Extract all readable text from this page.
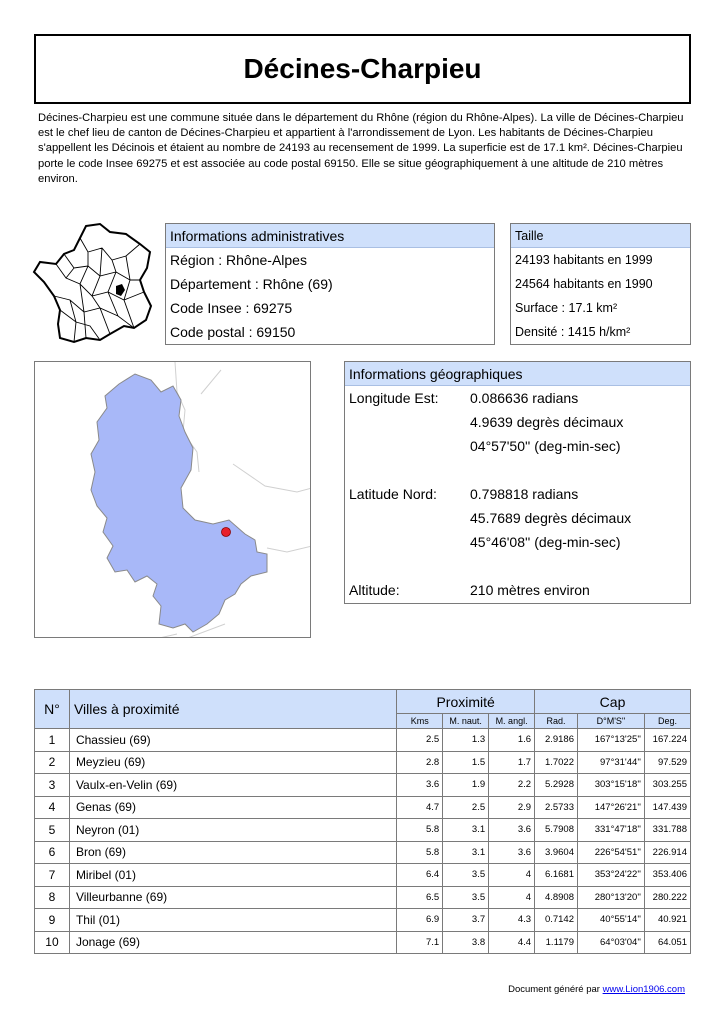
Décines-Charpieu

Décines-Charpieu est une commune située dans le département du Rhône (région du Rhône-Alpes). La ville de Décines-Charpieu est le chef lieu de canton de Décines-Charpieu et appartient à l'arrondissement de Lyon. Les habitants de Décines-Charpieu s'appellent les Décinois et étaient au nombre de 24193 au recensement de 1999. La superficie est de 17.1 km². Décines-Charpieu porte le code Insee 69275 et est associée au code postal 69150. Elle se situe géographiquement à une altitude de 210 mètres environ.

Informations administratives
Région : Rhône-Alpes
Département : Rhône (69)
Code Insee : 69275
Code postal : 69150
Taille
24193 habitants en 1999
24564 habitants en 1990
Surface : 17.1 km²
Densité : 1415 h/km²
Informations géographiques
Longitude Est: 0.086636 radians
4.9639 degrès décimaux
04°57'50'' (deg-min-sec)
Latitude Nord: 0.798818 radians
45.7689 degrès décimaux
45°46'08'' (deg-min-sec)
Altitude:	210 mètres environ
N°	Villes à proximité	Proximité			Cap		
		Kms	M. naut.	M. angl.	Rad.	D°M'S''	Deg.
1	Chassieu (69)	2.5	1.3	1.6	2.9186	167°13'25''	167.224
2	Meyzieu (69)	2.8	1.5	1.7	1.7022	97°31'44''	97.529
3	Vaulx-en-Velin (69)	3.6	1.9	2.2	5.2928	303°15'18''	303.255
4	Genas (69)	4.7	2.5	2.9	2.5733	147°26'21''	147.439
5	Neyron (01)	5.8	3.1	3.6	5.7908	331°47'18''	331.788
6	Bron (69)	5.8	3.1	3.6	3.9604	226°54'51''	226.914
7	Miribel (01)	6.4	3.5	4	6.1681	353°24'22''	353.406
8	Villeurbanne (69)	6.5	3.5	4	4.8908	280°13'20''	280.222
9	Thil (01)	6.9	3.7	4.3	0.7142	40°55'14''	40.921
10	Jonage (69)	7.1	3.8	4.4	1.1179	64°03'04''	64.051
Document généré par www.Lion1906.com
